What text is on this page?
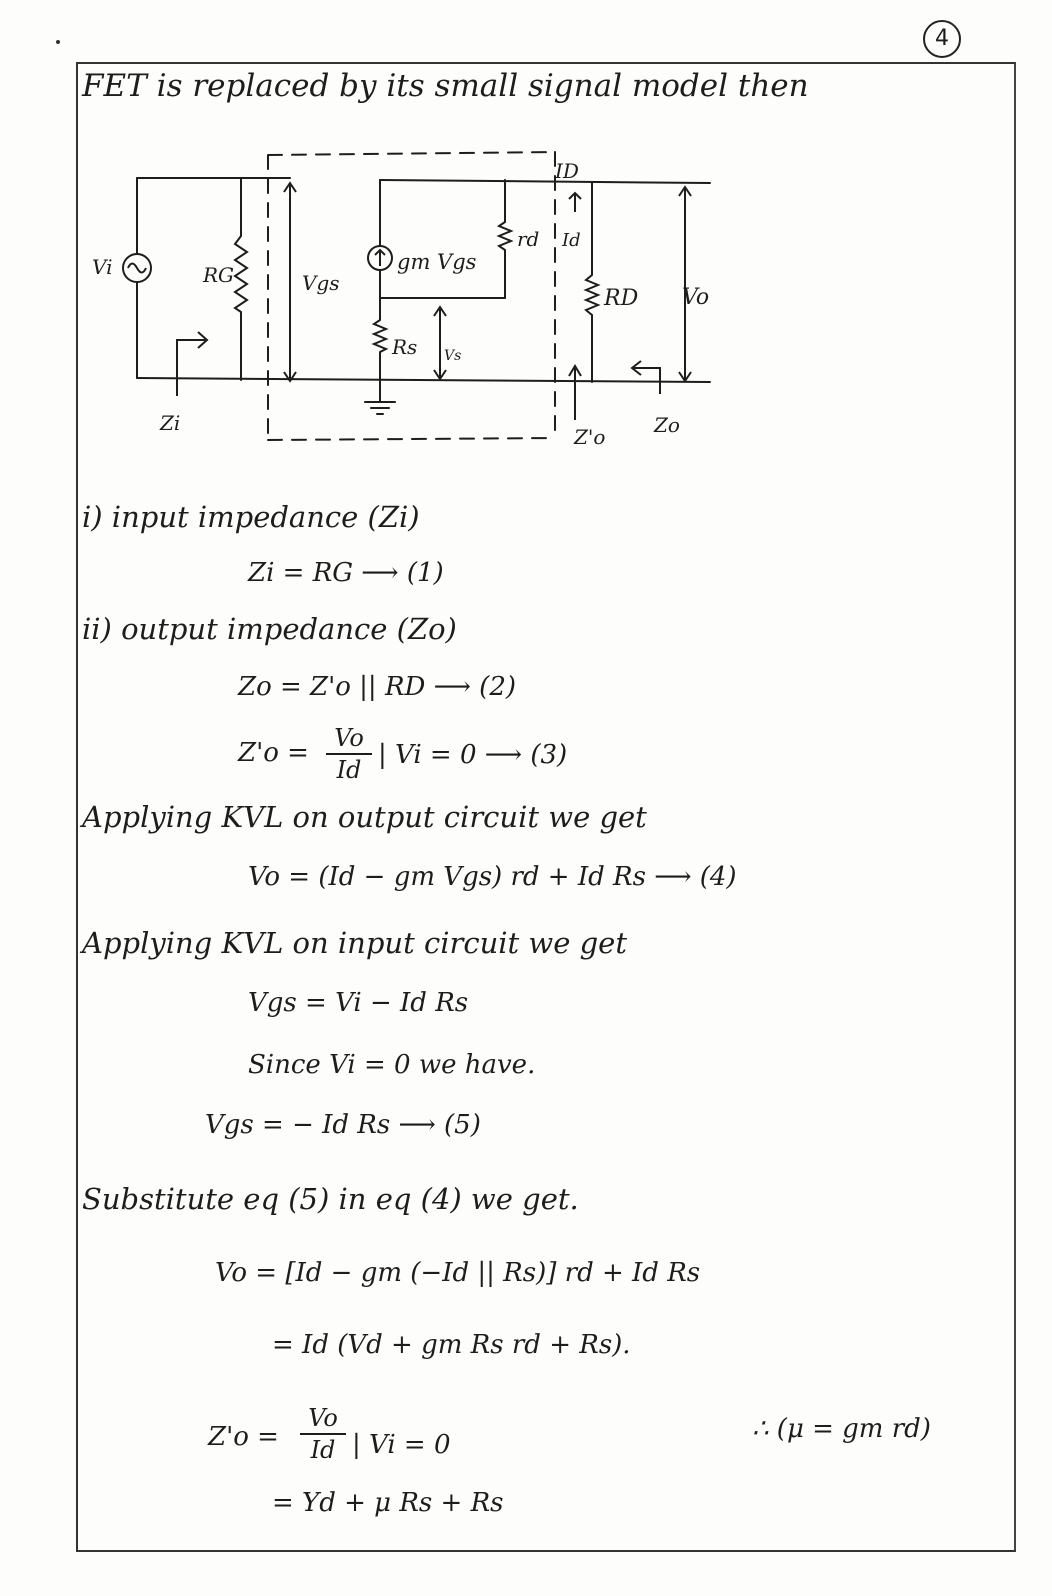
4
FET is replaced by its small signal model then
Vi	RG	Vgs
gm Vgs
rd
ID
Id
Rs Vs
RD Vo
Zi
Z'o Zo
i) input impedance (Zi)
Zi = RG ⟶ (1)
ii) output impedance (Zo)
Zo = Z'o || RD ⟶ (2)
Z'o =	Vo
Id | Vi = 0 ⟶ (3)
Applying KVL on output circuit we get
Vo = (Id − gm Vgs) rd + Id Rs ⟶ (4)
Applying KVL on input circuit we get
Vgs = Vi − Id Rs
Since Vi = 0 we have.
Vgs = − Id Rs ⟶ (5)
Substitute eq (5) in eq (4) we get.
Vo = [Id − gm (−Id || Rs)] rd + Id Rs
= Id (Vd + gm Rs rd + Rs).
Z'o =
Vo
Id | Vi = 0
∴ (μ = gm rd)
= Yd + μ Rs + Rs
